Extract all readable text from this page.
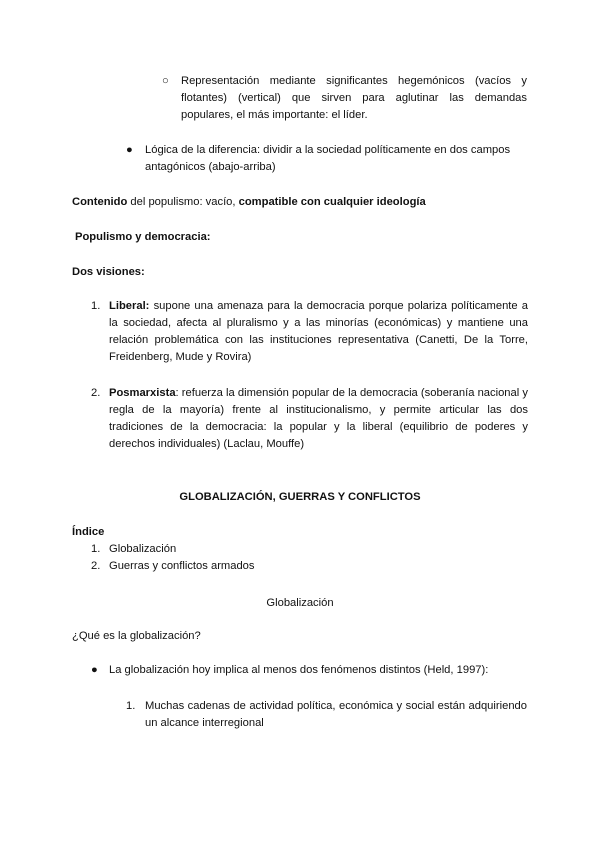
○ Representación mediante significantes hegemónicos (vacíos y flotantes) (vertical) que sirven para aglutinar las demandas populares, el más importante: el líder.

● Lógica de la diferencia: dividir a la sociedad políticamente en dos campos antagónicos (abajo-arriba)

Contenido del populismo: vacío, compatible con cualquier ideología

Populismo y democracia:

Dos visiones:

1. Liberal: supone una amenaza para la democracia porque polariza políticamente a la sociedad, afecta al pluralismo y a las minorías (económicas) y mantiene una relación problemática con las instituciones representativa (Canetti, De la Torre, Freidenberg, Mude y Rovira)

2. Posmarxista: refuerza la dimensión popular de la democracia (soberanía nacional y regla de la mayoría) frente al institucionalismo, y permite articular las dos tradiciones de la democracia: la popular y la liberal (equilibrio de poderes y derechos individuales) (Laclau, Mouffe)

GLOBALIZACIÓN, GUERRAS Y CONFLICTOS

Índice

1. Globalización

2. Guerras y conflictos armados

Globalización

¿Qué es la globalización?

● La globalización hoy implica al menos dos fenómenos distintos (Held, 1997):

1. Muchas cadenas de actividad política, económica y social están adquiriendo un alcance interregional
